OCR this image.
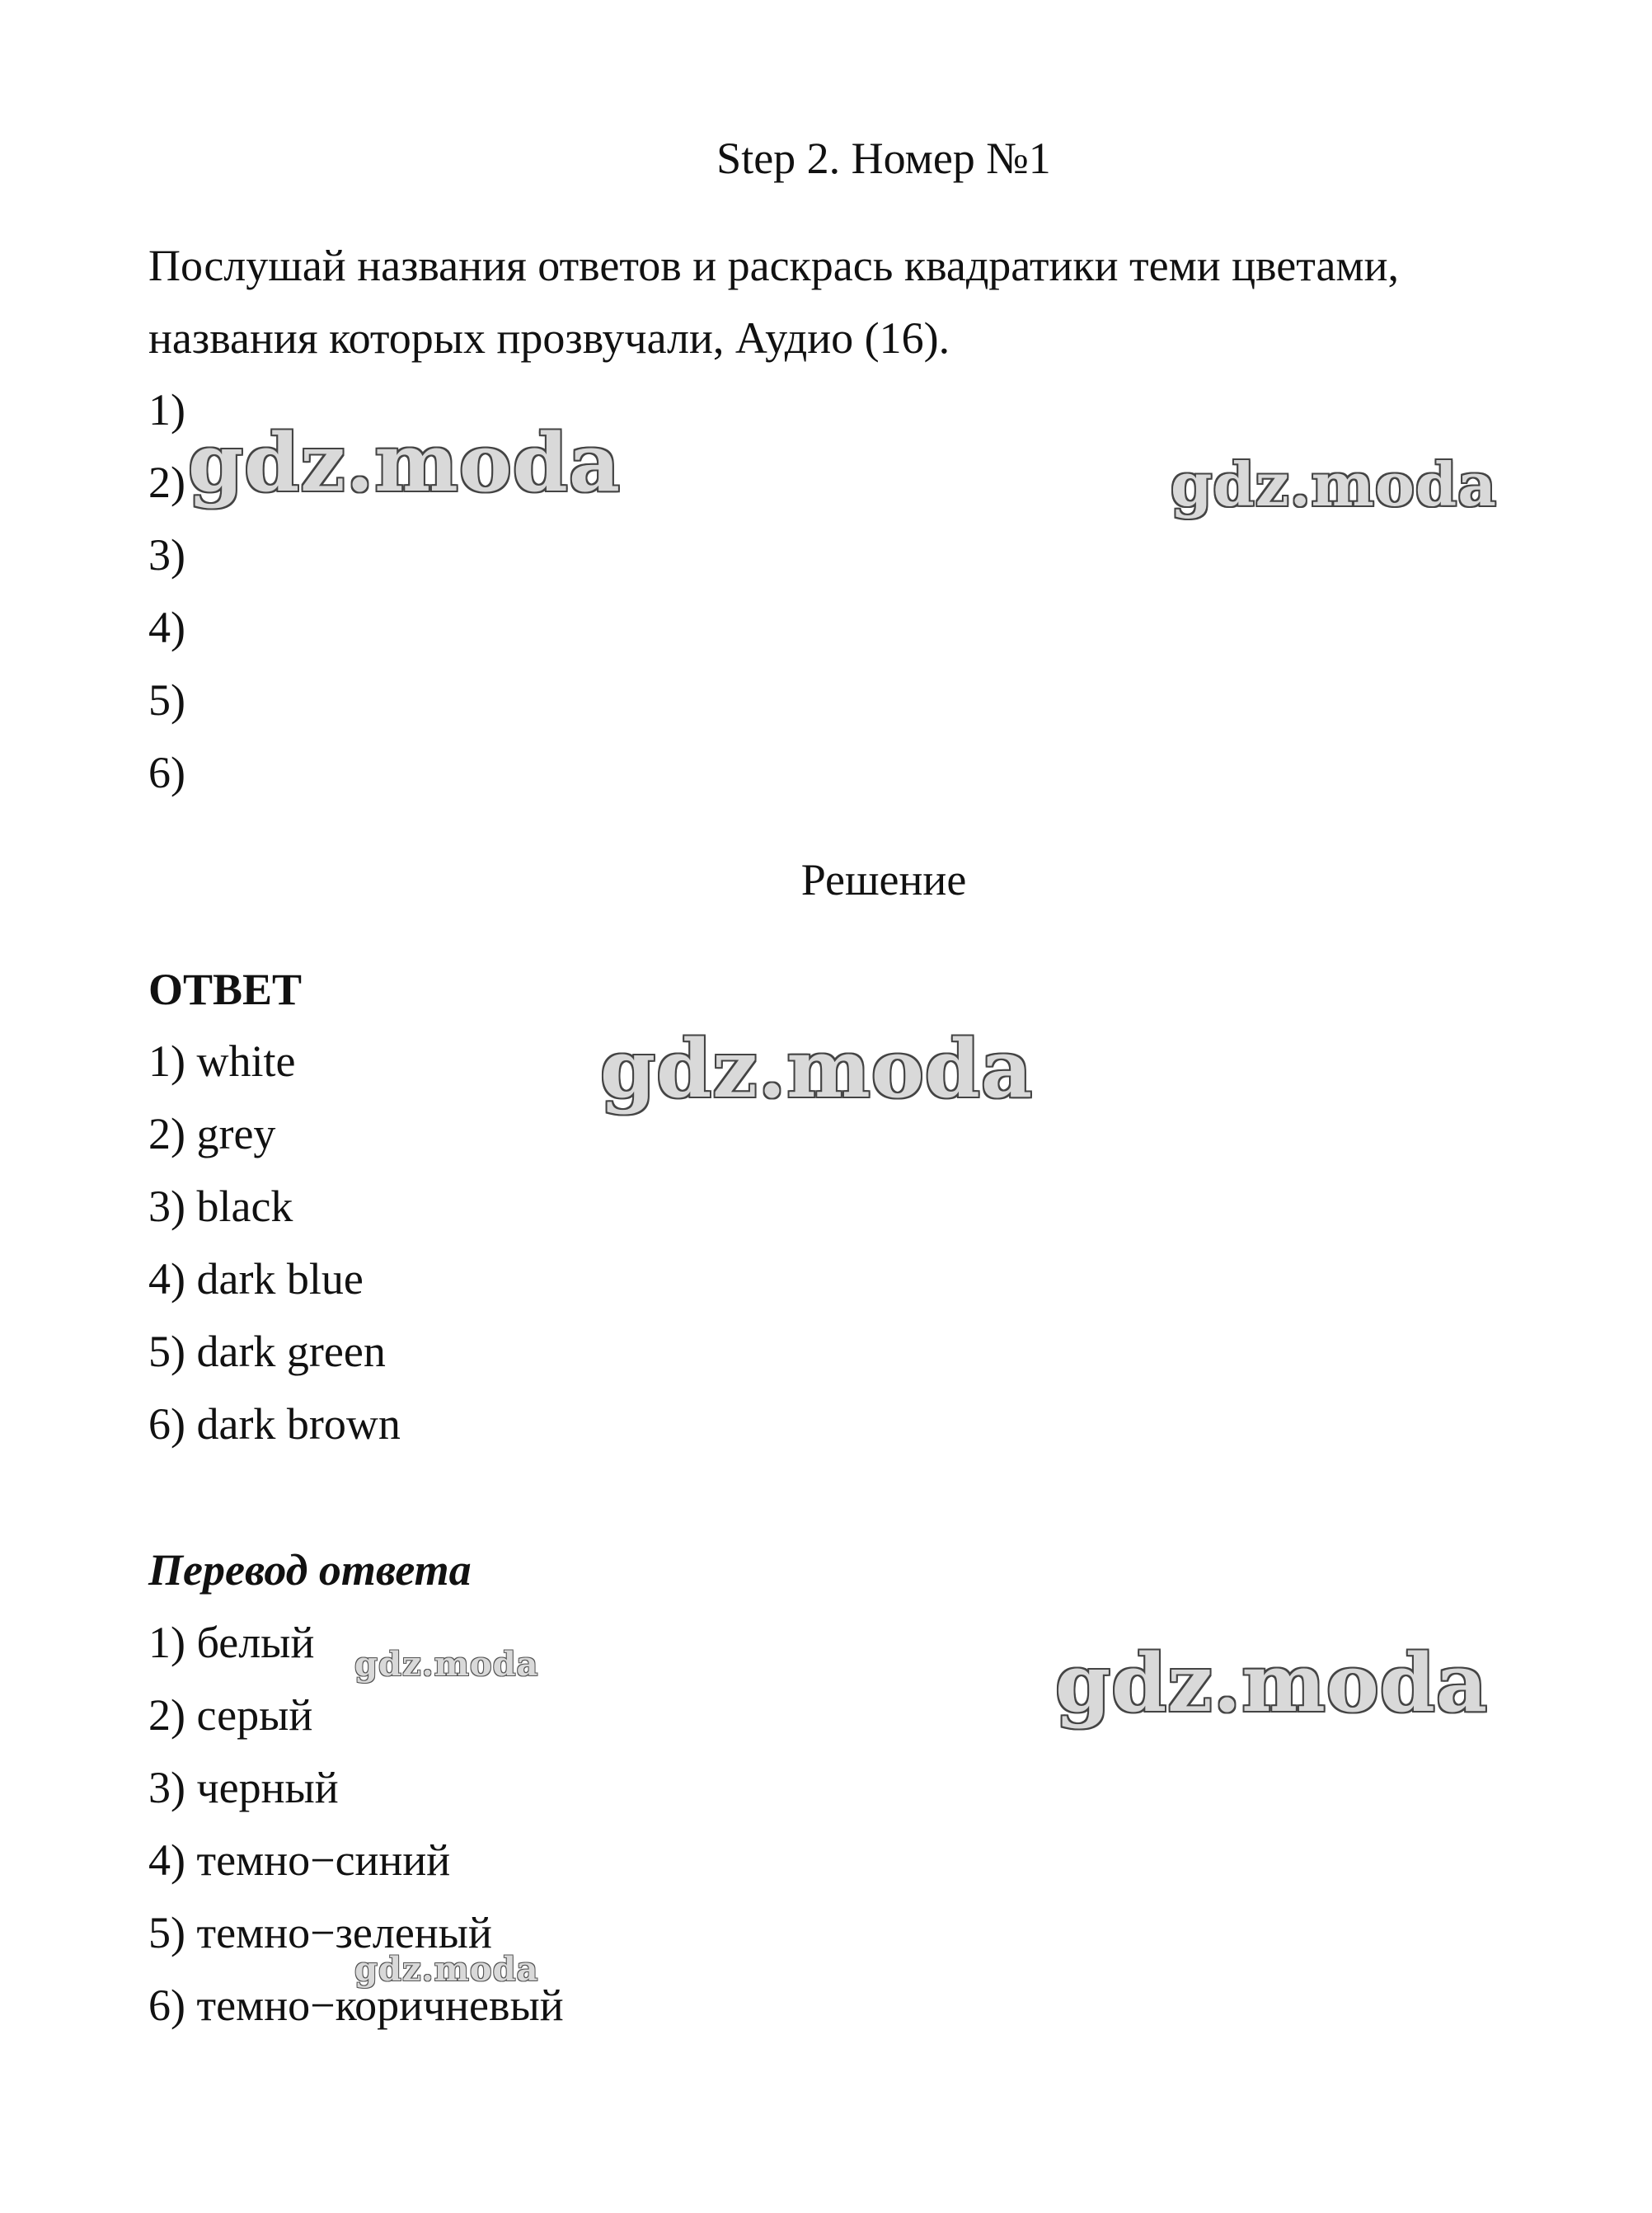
Step 2. Номер №1
Послушай названия ответов и раскрась квадратики теми цветами,
названия которых прозвучали, Аудио (16).
1)
2)
3)
4)
5)
6)
Решение
ОТВЕТ
1) white
2) grey
3) black
4) dark blue
5) dark green
6) dark brown
Перевод ответа
1) белый
2) серый
3) черный
4) темно−синий
5) темно−зеленый
6) темно−коричневый
gdz.moda	gdz.moda
gdz.moda
gdz.moda	gdz.moda
gdz.moda
